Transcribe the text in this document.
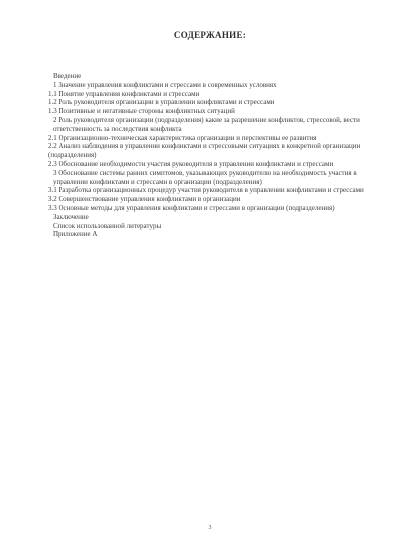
СОДЕРЖАНИЕ:
Введение
1 Значение управления конфликтами и стрессами в современных условиях
1.1 Понятие управления конфликтами и стрессами
1.2 Роль руководителя организации в управлении конфликтами и стрессами
1.3 Позитивные и негативные стороны конфликтных ситуаций
2 Роль руководителя организации (подразделения) какие за разрешение конфликтов, стрессовой, вести ответственность за последствия конфликта
2.1 Организационно-техническая характеристика организации и перспективы ее развития
2.2 Анализ наблюдения в управлении конфликтами и стрессовыми ситуациях в конкретной организации (подразделения)
2.3 Обоснование необходимости участия руководителя в управлении конфликтами и стрессами
3 Обоснование системы ранних симптомов, указывающих руководителю на необходимость участия в управлении конфликтами и стрессами в организации (подразделения)
3.1 Разработка организационных процедур участия руководителя в управлении конфликтами и стрессами
3.2 Совершенствование управления конфликтами в организации
3.3 Основные методы для управления конфликтами и стрессами в организации (подразделения)
Заключение
Список использованной литературы
Приложение А
3
